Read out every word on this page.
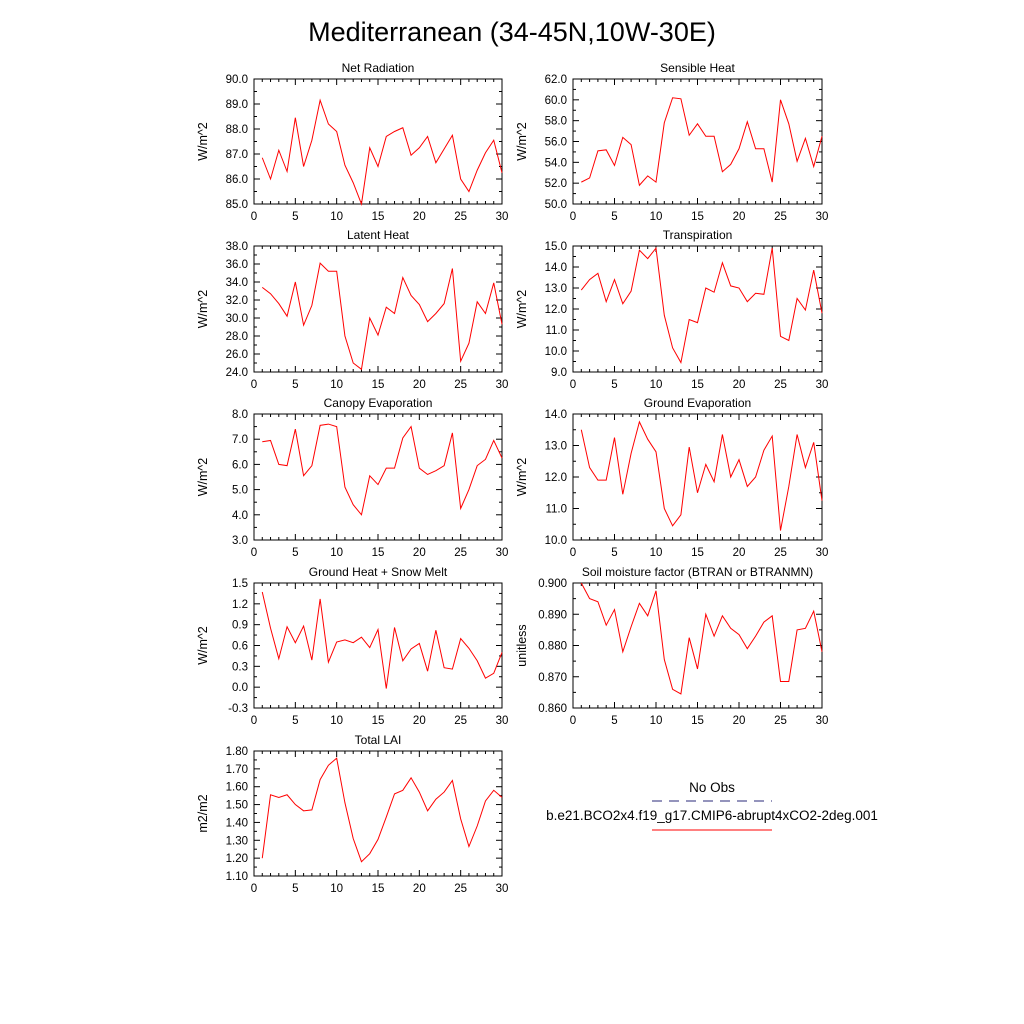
Mediterranean (34-45N,10W-30E)
Net Radiation
0	5	10 15 20 25 30
85.0
86.0
87.0
88.0
89.0
90.0
W/m^2
Sensible Heat
0	5	10 15 20 25 30
50.0
52.0
54.0
56.0
58.0
60.0
62.0
W/m^2
Latent Heat
0	5	10 15 20 25 30
24.0
26.0
28.0
30.0
32.0
34.0
36.0
38.0
W/m^2
Transpiration
0	5	10 15 20 25 30
9.0
10.0
11.0
12.0
13.0
14.0
15.0
W/m^2
Canopy Evaporation
0	5	10 15 20 25 30
3.0
4.0
5.0
6.0
7.0
8.0
W/m^2
Ground Evaporation
0	5	10 15 20 25 30
10.0
11.0
12.0
13.0
14.0
W/m^2
Ground Heat + Snow Melt
0	5	10 15 20 25 30
-0.3
0.0
0.3
0.6
0.9
1.2
1.5
W/m^2
Soil moisture factor (BTRAN or BTRANMN)
0	5	10 15 20 25 30
0.860
0.870
0.880
0.890
0.900
unitless
Total LAI
0	5	10 15 20 25 30
1.10
1.20
1.30
1.40
1.50
1.60
1.70
1.80
m2/m2
No Obs
b.e21.BCO2x4.f19_g17.CMIP6-abrupt4xCO2-2deg.001
